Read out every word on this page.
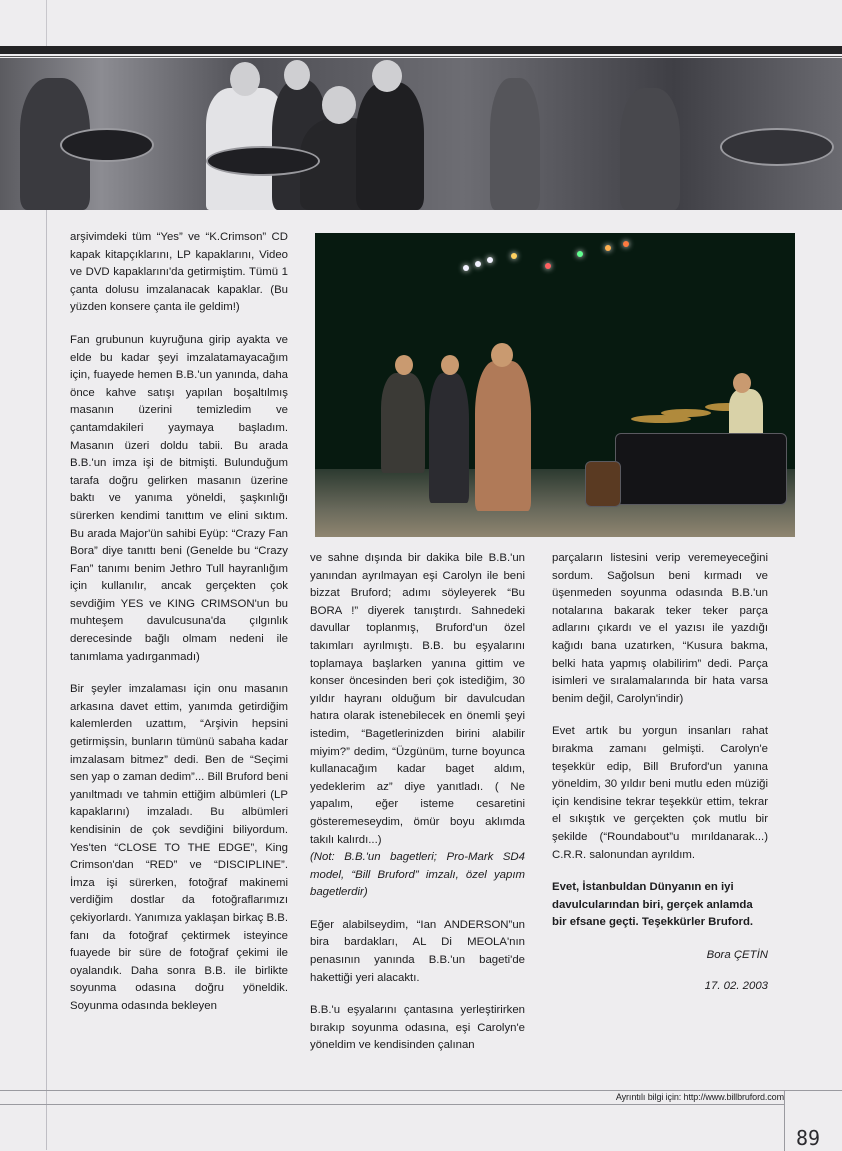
arşivimdeki tüm “Yes” ve “K.Crimson” CD kapak kitapçıklarını, LP kapaklarını, Video ve DVD kapaklarını'da getirmiştim. Tümü 1 çanta dolusu imzalanacak kapaklar. (Bu yüzden konsere çanta ile geldim!)

Fan grubunun kuyruğuna girip ayakta ve elde bu kadar şeyi imzalatamayacağım için, fuayede hemen B.B.'un yanında, daha önce kahve satışı yapılan boşaltılmış masanın üzerini temizledim ve çantamdakileri yaymaya başladım. Masanın üzeri doldu tabii. Bu arada B.B.'un imza işi de bitmişti. Bulunduğum tarafa doğru gelirken masanın üzerine baktı ve yanıma yöneldi, şaşkınlığı sürerken kendimi tanıttım ve elini sıktım. Bu arada Major'ün sahibi Eyüp: “Crazy Fan Bora” diye tanıttı beni (Genelde bu “Crazy Fan” tanımı benim Jethro Tull hayranlığım için kullanılır, ancak gerçekten çok sevdiğim YES ve KING CRIMSON'un bu muhteşem davulcusuna'da çılgınlık derecesinde bağlı olmam nedeni ile tanımlama yadırganmadı)

Bir şeyler imzalaması için onu masanın arkasına davet ettim, yanımda getirdiğim kalemlerden uzattım, “Arşivin hepsini getirmişsin, bunların tümünü sabaha kadar imzalasam bitmez” dedi. Ben de “Seçimi sen yap o zaman dedim”... Bill Bruford beni yanıltmadı ve tahmin ettiğim albümleri (LP kapaklarını) imzaladı. Bu albümleri kendisinin de çok sevdiğini biliyordum. Yes'ten “CLOSE TO THE EDGE”, King Crimson'dan “RED” ve “DISCIPLINE”. İmza işi sürerken, fotoğraf makinemi verdiğim dostlar da fotoğraflarımızı çekiyorlardı. Yanımıza yaklaşan birkaç B.B. fanı da fotoğraf çektirmek isteyince fuayede bir süre de fotoğraf çekimi ile oyalandık. Daha sonra B.B. ile birlikte soyunma odasına doğru yöneldik. Soyunma odasında bekleyen

ve sahne dışında bir dakika bile B.B.'un yanından ayrılmayan eşi Carolyn ile beni bizzat Bruford; adımı söyleyerek “Bu BORA !” diyerek tanıştırdı. Sahnedeki davullar toplanmış, Bruford'un özel takımları ayrılmıştı. B.B. bu eşyalarını toplamaya başlarken yanına gittim ve konser öncesinden beri çok istediğim, 30 yıldır hayranı olduğum bir davulcudan hatıra olarak istenebilecek en önemli şeyi istedim, “Bagetlerinizden birini alabilir miyim?” dedim, “Üzgünüm, turne boyunca kullanacağım kadar baget aldım, yedeklerim az” diye yanıtladı. ( Ne yapalım, eğer isteme cesaretini gösteremeseydim, ömür boyu aklımda takılı kalırdı...)

(Not: B.B.'un bagetleri; Pro-Mark SD4 model, “Bill Bruford” imzalı, özel yapım bagetlerdir)

Eğer alabilseydim, “Ian ANDERSON”un bira bardakları, AL Di MEOLA'nın penasının yanında B.B.'un bageti'de hakettiği yeri alacaktı.

B.B.'u eşyalarını çantasına yerleştirirken bırakıp soyunma odasına, eşi Carolyn'e yöneldim ve kendisinden çalınan

parçaların listesini verip veremeyeceğini sordum. Sağolsun beni kırmadı ve üşenmeden soyunma odasında B.B.'un notalarına bakarak teker teker parça adlarını çıkardı ve el yazısı ile yazdığı kağıdı bana uzatırken, “Kusura bakma, belki hata yapmış olabilirim” dedi. Parça isimleri ve sıralamalarında bir hata varsa benim değil, Carolyn'indir)

Evet artık bu yorgun insanları rahat bırakma zamanı gelmişti. Carolyn'e teşekkür edip, Bill Bruford'un yanına yöneldim, 30 yıldır beni mutlu eden müziği için kendisine tekrar teşekkür ettim, tekrar el sıkıştık ve gerçekten çok mutlu bir şekilde (“Roundabout”u mırıldanarak...) C.R.R. salonundan ayrıldım.

Evet, İstanbuldan Dünyanın en iyi davulcularından biri, gerçek anlamda bir efsane geçti. Teşekkürler Bruford.

Bora ÇETİN

17. 02. 2003

Ayrıntılı bilgi için: http://www.billbruford.com
89
